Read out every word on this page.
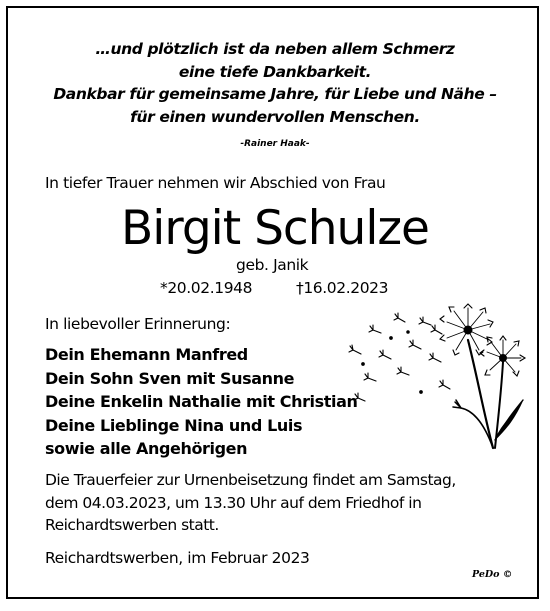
…und plötzlich ist da neben allem Schmerz
eine tiefe Dankbarkeit.
Dankbar für gemeinsame Jahre, für Liebe und Nähe –
für einen wundervollen Menschen.
-Rainer Haak-
In tiefer Trauer nehmen wir Abschied von Frau
Birgit Schulze
geb. Janik
*20.02.1948	†16.02.2023
In liebevoller Erinnerung:
Dein Ehemann Manfred
Dein Sohn Sven mit Susanne
Deine Enkelin Nathalie mit Christian
Deine Lieblinge Nina und Luis
sowie alle Angehörigen
Die Trauerfeier zur Urnenbeisetzung findet am Samstag,
dem 04.03.2023, um 13.30 Uhr auf dem Friedhof in
Reichardtswerben statt.
Reichardtswerben, im Februar 2023
PeDo ©
